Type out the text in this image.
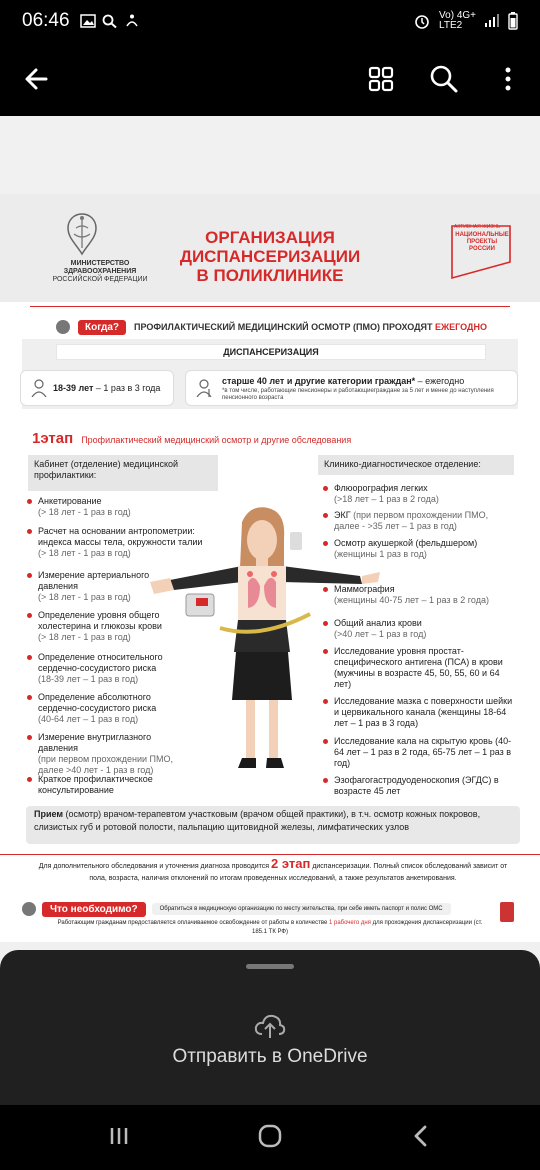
06:46	Vo) 4G+
LTE2
МИНИСТЕРСТВО
ЗДРАВООХРАНЕНИЯ
РОССИЙСКОЙ ФЕДЕРАЦИИ
ОРГАНИЗАЦИЯ
ДИСПАНСЕРИЗАЦИИ
В ПОЛИКЛИНИКЕ
АКТИВНАЯ ЖИЗНЬ
НАЦИОНАЛЬНЫЕ ПРОЕКТЫ РОССИИ
Когда?	ПРОФИЛАКТИЧЕСКИЙ МЕДИЦИНСКИЙ ОСМОТР (ПМО) ПРОХОДЯТ ЕЖЕГОДНО
ДИСПАНСЕРИЗАЦИЯ
18-39 лет – 1 раз в 3 года
старше 40 лет и другие категории граждан* – ежегодно
*в том числе, работающие пенсионеры и работающиеграждане за 5 лет и менее до наступления пенсионного возраста
1этап Профилактический медицинский осмотр и другие обследования
Кабинет (отделение) медицинской профилактики:
Клинико-диагностическое отделение:
Анкетирование
(> 18 лет - 1 раз в год)
Расчет на основании антропометрии: индекса массы тела, окружности талии
(> 18 лет - 1 раз в год)
Измерение артериального давления
(> 18 лет - 1 раз в год)
Определение уровня общего холестерина и глюкозы крови
(> 18 лет - 1 раз в год)
Определение относительного сердечно-сосудистого риска
(18-39 лет – 1 раз в год)
Определение абсолютного сердечно-сосудистого риска
(40-64 лет – 1 раз в год)
Измерение внутриглазного давления
(при первом прохождении ПМО, далее >40 лет - 1 раз в год)
Краткое профилактическое консультирование
Флюорография легких
(>18 лет – 1 раз в 2 года)
ЭКГ (при первом прохождении ПМО, далее - >35 лет – 1 раз в год)
Осмотр акушеркой (фельдшером)
(женщины 1 раз в год)
Маммография
(женщины 40-75 лет – 1 раз в 2 года)
Общий анализ крови
(>40 лет – 1 раз в год)
Исследование уровня простат-специфического антигена (ПСА) в крови (мужчины в возрасте 45, 50, 55, 60 и 64 лет)
Исследование мазка с поверхности шейки и цервикального канала (женщины 18-64 лет – 1 раз в 3 года)
Исследование кала на скрытую кровь (40-64 лет – 1 раз в 2 года, 65-75 лет – 1 раз в год)
Эзофагогастродуоденоскопия (ЭГДС) в возрасте 45 лет
Прием (осмотр) врачом-терапевтом участковым (врачом общей практики), в т.ч. осмотр кожных покровов, слизистых губ и ротовой полости, пальпацию щитовидной железы, лимфатических узлов
Для дополнительного обследования и уточнения диагноза проводится 2 этап диспансеризации. Полный список обследований зависит от пола, возраста, наличия отклонений по итогам проведенных исследований, а также результатов анкетирования.
Что необходимо?	Обратиться в медицинскую организацию по месту жительства, при себе иметь паспорт и полис ОМС
Работающим гражданам предоставляется оплачиваемое освобождение от работы в количестве 1 рабочего дня для прохождения диспансеризации (ст. 185.1 ТК РФ)
Отправить в OneDrive
